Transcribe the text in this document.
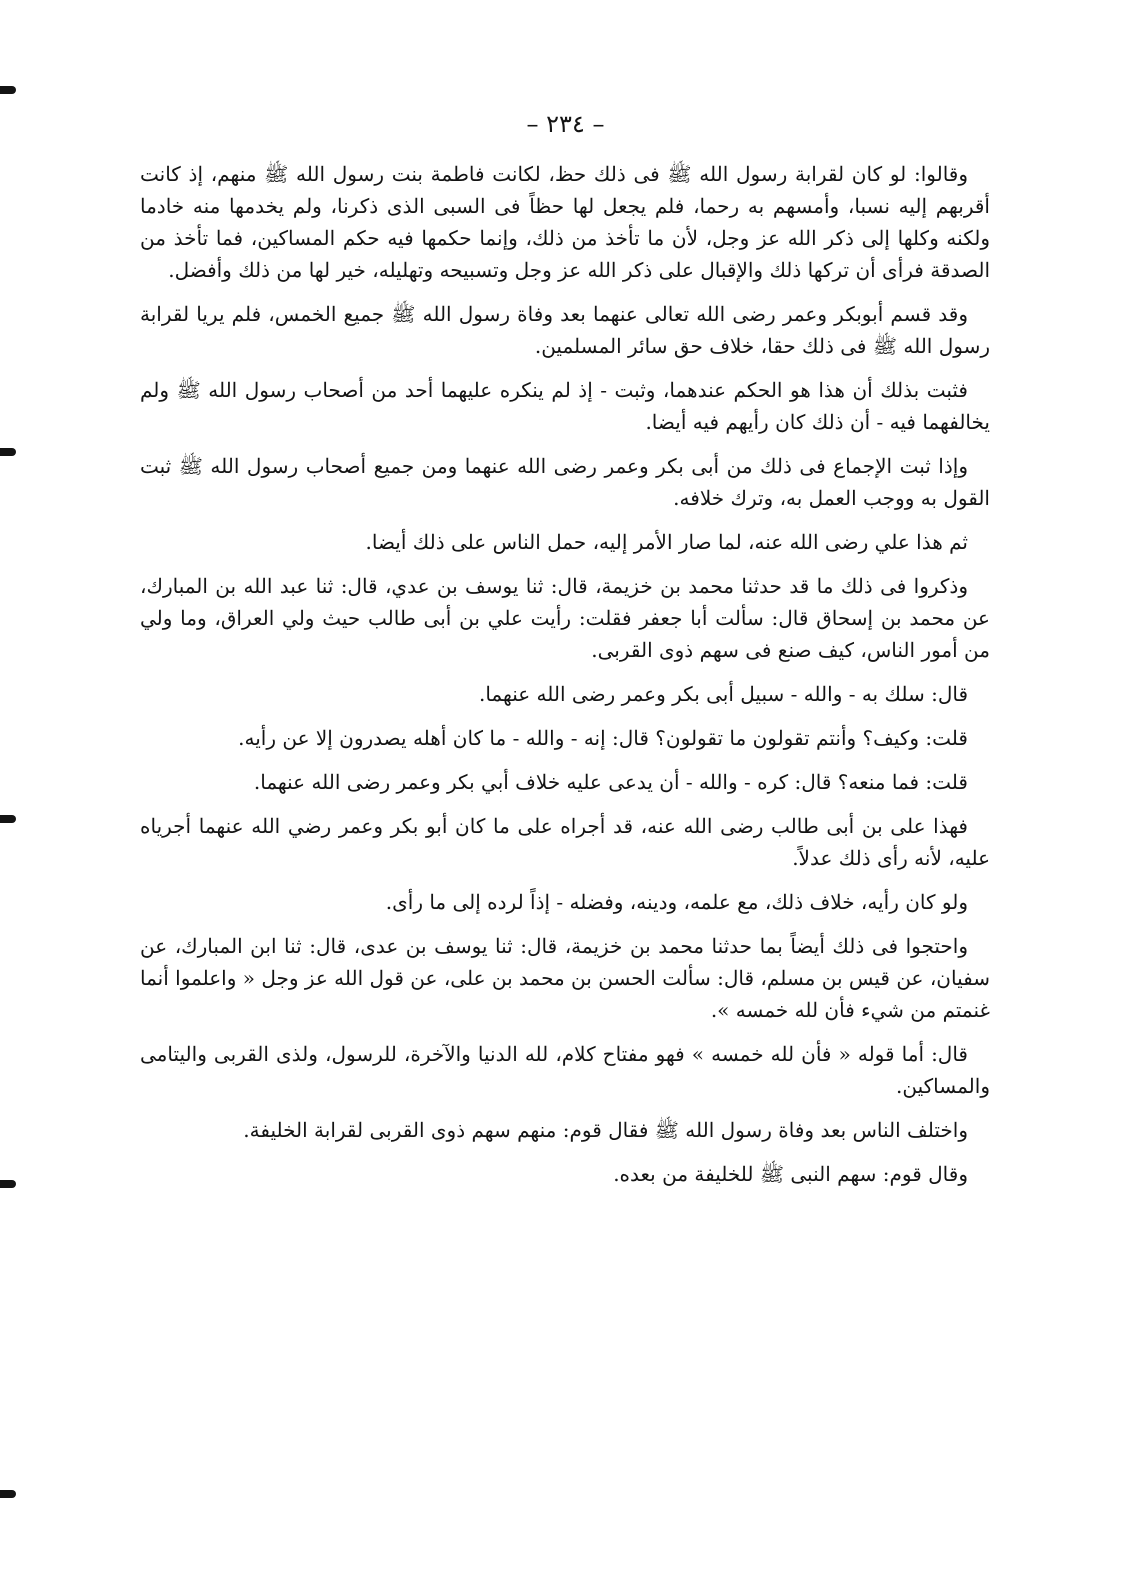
– ٢٣٤ –

وقالوا: لو كان لقرابة رسول الله ﷺ فى ذلك حظ، لكانت فاطمة بنت رسول الله ﷺ منهم، إذ كانت أقربهم إليه نسبا، وأمسهم به رحما، فلم يجعل لها حظاً فى السبى الذى ذكرنا، ولم يخدمها منه خادما ولكنه وكلها إلى ذكر الله عز وجل، لأن ما تأخذ من ذلك، وإنما حكمها فيه حكم المساكين، فما تأخذ من الصدقة فرأى أن تركها ذلك والإقبال على ذكر الله عز وجل وتسبيحه وتهليله، خير لها من ذلك وأفضل.

وقد قسم أبوبكر وعمر رضى الله تعالى عنهما بعد وفاة رسول الله ﷺ جميع الخمس، فلم يريا لقرابة رسول الله ﷺ فى ذلك حقا، خلاف حق سائر المسلمين.

فثبت بذلك أن هذا هو الحكم عندهما، وثبت - إذ لم ينكره عليهما أحد من أصحاب رسول الله ﷺ ولم يخالفهما فيه - أن ذلك كان رأيهم فيه أيضا.

وإذا ثبت الإجماع فى ذلك من أبى بكر وعمر رضى الله عنهما ومن جميع أصحاب رسول الله ﷺ ثبت القول به ووجب العمل به، وترك خلافه.

ثم هذا علي رضى الله عنه، لما صار الأمر إليه، حمل الناس على ذلك أيضا.

وذكروا فى ذلك ما قد حدثنا محمد بن خزيمة، قال: ثنا يوسف بن عدي، قال: ثنا عبد الله بن المبارك، عن محمد بن إسحاق قال: سألت أبا جعفر فقلت: رأيت علي بن أبى طالب حيث ولي العراق، وما ولي من أمور الناس، كيف صنع فى سهم ذوى القربى.

قال: سلك به - والله - سبيل أبى بكر وعمر رضى الله عنهما.

قلت: وكيف؟ وأنتم تقولون ما تقولون؟ قال: إنه - والله - ما كان أهله يصدرون إلا عن رأيه.

قلت: فما منعه؟ قال: كره - والله - أن يدعى عليه خلاف أبي بكر وعمر رضى الله عنهما.

فهذا على بن أبى طالب رضى الله عنه، قد أجراه على ما كان أبو بكر وعمر رضي الله عنهما أجرياه عليه، لأنه رأى ذلك عدلاً.

ولو كان رأيه، خلاف ذلك، مع علمه، ودينه، وفضله - إذاً لرده إلى ما رأى.

واحتجوا فى ذلك أيضاً بما حدثنا محمد بن خزيمة، قال: ثنا يوسف بن عدى، قال: ثنا ابن المبارك، عن سفيان، عن قيس بن مسلم، قال: سألت الحسن بن محمد بن على، عن قول الله عز وجل « واعلموا أنما غنمتم من شيء فأن لله خمسه ».

قال: أما قوله « فأن لله خمسه » فهو مفتاح كلام، لله الدنيا والآخرة، للرسول، ولذى القربى واليتامى والمساكين.

واختلف الناس بعد وفاة رسول الله ﷺ فقال قوم: منهم سهم ذوى القربى لقرابة الخليفة.

وقال قوم: سهم النبى ﷺ للخليفة من بعده.
